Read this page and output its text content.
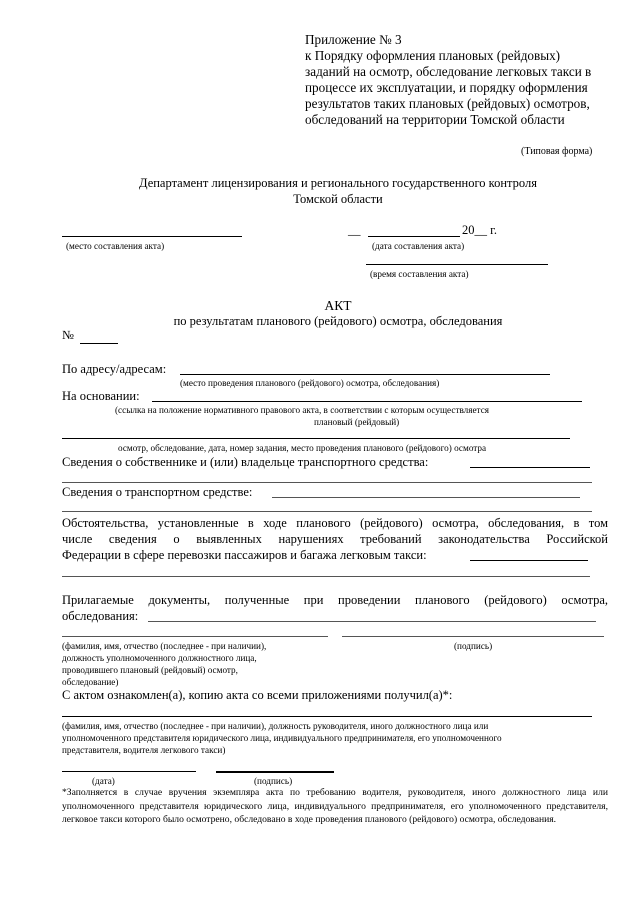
Приложение № 3
к Порядку оформления плановых (рейдовых)
заданий на осмотр, обследование легковых такси в
процессе их эксплуатации, и порядку оформления
результатов таких плановых (рейдовых) осмотров,
обследований на территории Томской области
(Типовая форма)
Департамент лицензирования и регионального государственного контроля
Томской области
(место составления акта)
__	20__ г.
(дата составления акта)
(время составления акта)
АКТ
по результатам планового (рейдового) осмотра, обследования
№
По адресу/адресам:
(место проведения планового (рейдового) осмотра, обследования)
На основании:
(ссылка на положение нормативного правового акта, в соответствии с которым осуществляется
плановый (рейдовый)
осмотр, обследование, дата, номер задания, место проведения планового (рейдового) осмотра
Сведения о собственнике и (или) владельце транспортного средства:
Сведения о транспортном средстве:
Обстоятельства, установленные в ходе планового (рейдового) осмотра, обследования, в том
числе сведения о выявленных нарушениях требований законодательства Российской
Федерации в сфере перевозки пассажиров и багажа легковым такси:
Прилагаемые документы, полученные при проведении планового (рейдового) осмотра,
обследования:
(фамилия, имя, отчество (последнее - при наличии),
должность уполномоченного должностного лица,
проводившего плановый (рейдовый) осмотр,
обследование)
(подпись)
С актом ознакомлен(а), копию акта со всеми приложениями получил(а)*:
(фамилия, имя, отчество (последнее - при наличии), должность руководителя, иного должностного лица или
уполномоченного представителя юридического лица, индивидуального предпринимателя, его уполномоченного
представителя, водителя легкового такси)
(дата)	(подпись)
*Заполняется в случае вручения экземпляра акта по требованию водителя, руководителя, иного должностного лица или уполномоченного представителя юридического лица, индивидуального предпринимателя, его уполномоченного представителя, легковое такси которого было осмотрено, обследовано в ходе проведения планового (рейдового) осмотра, обследования.
